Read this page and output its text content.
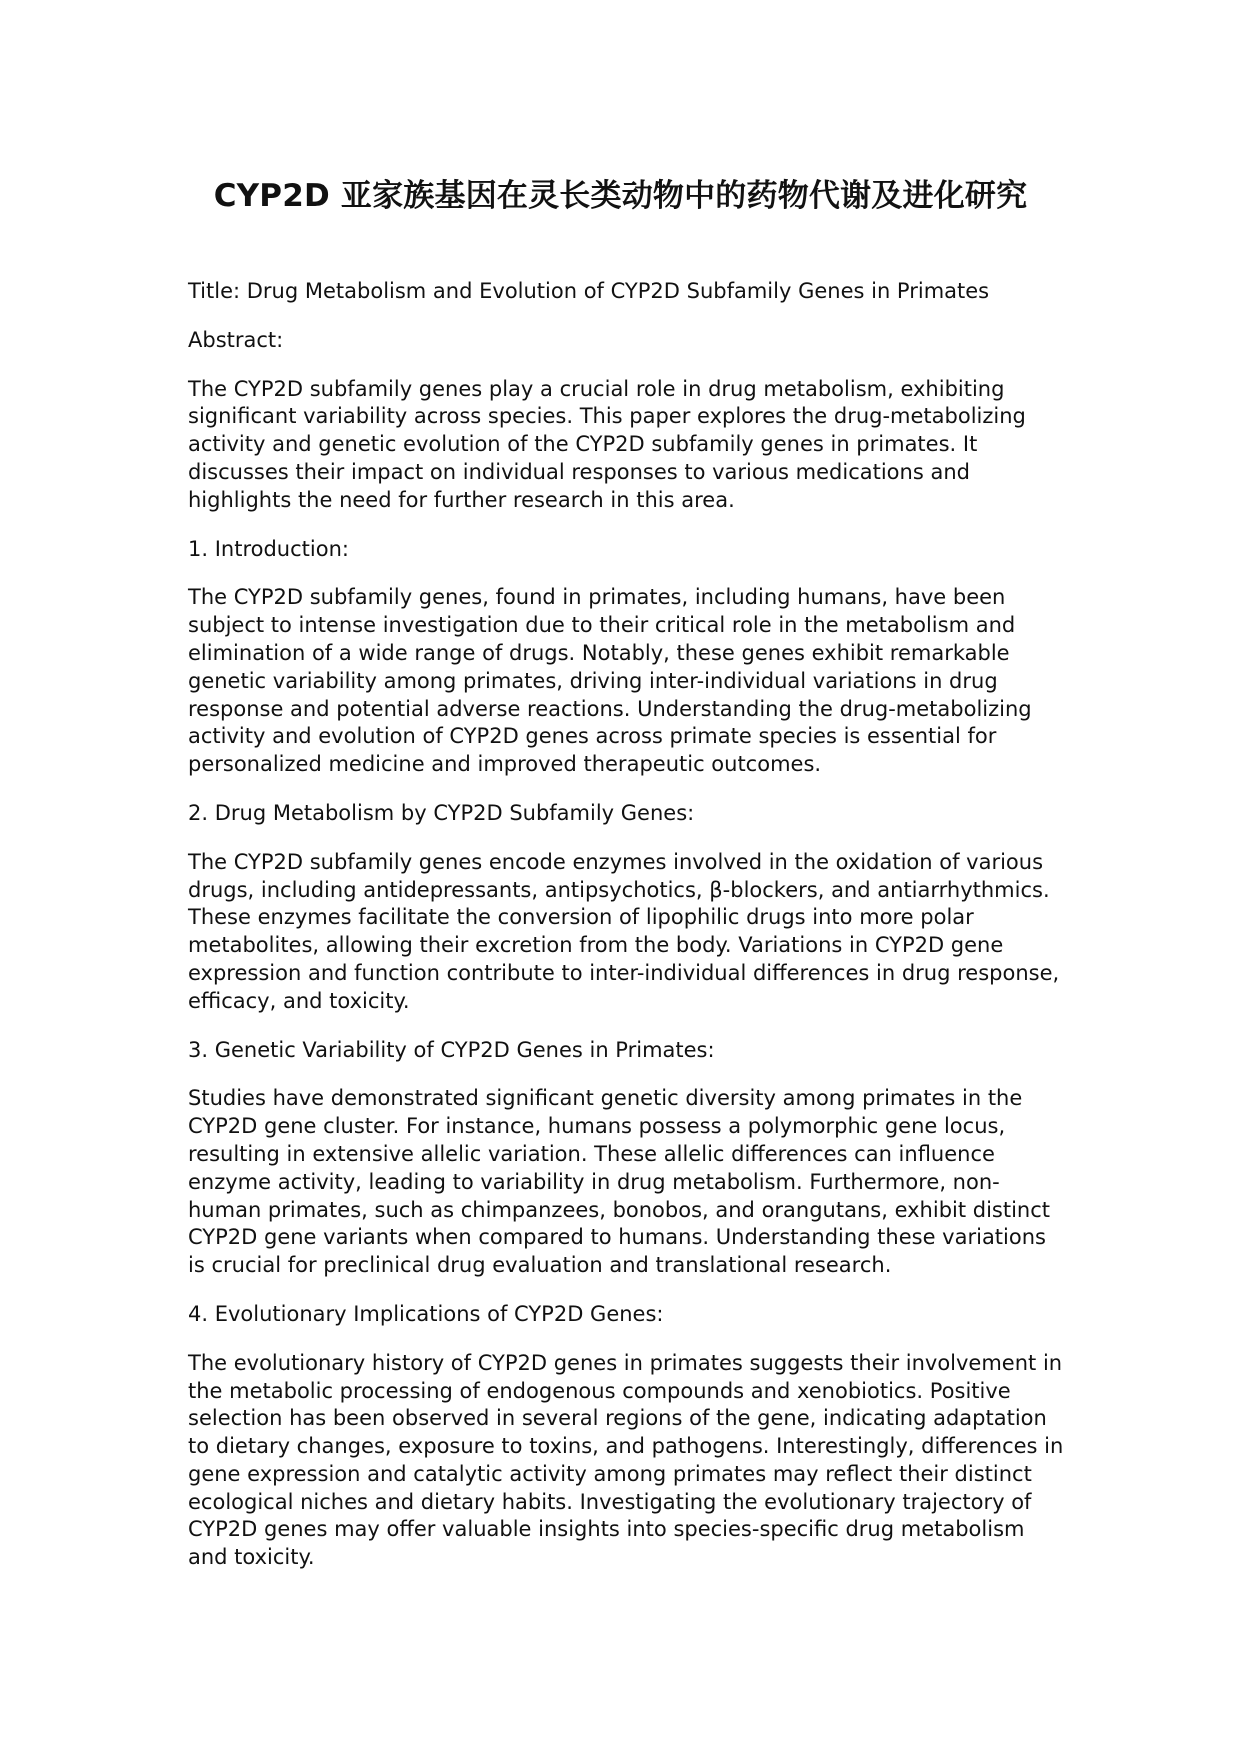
CYP2D 亚家族基因在灵长类动物中的药物代谢及进化研究

Title: Drug Metabolism and Evolution of CYP2D Subfamily Genes in Primates

Abstract:

The CYP2D subfamily genes play a crucial role in drug metabolism, exhibiting significant variability across species. This paper explores the drug-metabolizing activity and genetic evolution of the CYP2D subfamily genes in primates. It discusses their impact on individual responses to various medications and highlights the need for further research in this area.

1. Introduction:

The CYP2D subfamily genes, found in primates, including humans, have been subject to intense investigation due to their critical role in the metabolism and elimination of a wide range of drugs. Notably, these genes exhibit remarkable genetic variability among primates, driving inter-individual variations in drug response and potential adverse reactions. Understanding the drug-metabolizing activity and evolution of CYP2D genes across primate species is essential for personalized medicine and improved therapeutic outcomes.

2. Drug Metabolism by CYP2D Subfamily Genes:

The CYP2D subfamily genes encode enzymes involved in the oxidation of various drugs, including antidepressants, antipsychotics, β-blockers, and antiarrhythmics. These enzymes facilitate the conversion of lipophilic drugs into more polar metabolites, allowing their excretion from the body. Variations in CYP2D gene expression and function contribute to inter-individual differences in drug response, efficacy, and toxicity.

3. Genetic Variability of CYP2D Genes in Primates:

Studies have demonstrated significant genetic diversity among primates in the CYP2D gene cluster. For instance, humans possess a polymorphic gene locus, resulting in extensive allelic variation. These allelic differences can influence enzyme activity, leading to variability in drug metabolism. Furthermore, non-human primates, such as chimpanzees, bonobos, and orangutans, exhibit distinct CYP2D gene variants when compared to humans. Understanding these variations is crucial for preclinical drug evaluation and translational research.

4. Evolutionary Implications of CYP2D Genes:

The evolutionary history of CYP2D genes in primates suggests their involvement in the metabolic processing of endogenous compounds and xenobiotics. Positive selection has been observed in several regions of the gene, indicating adaptation to dietary changes, exposure to toxins, and pathogens. Interestingly, differences in gene expression and catalytic activity among primates may reflect their distinct ecological niches and dietary habits. Investigating the evolutionary trajectory of CYP2D genes may offer valuable insights into species-specific drug metabolism and toxicity.
